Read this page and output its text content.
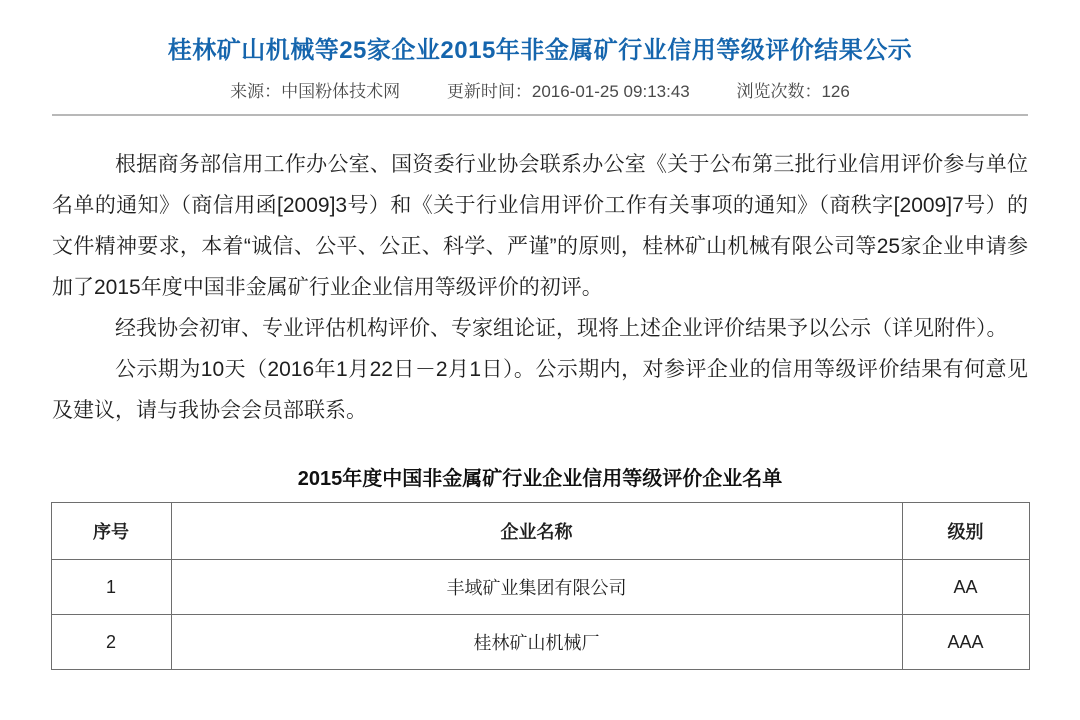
桂林矿山机械等25家企业2015年非金属矿行业信用等级评价结果公示
来源：中国粉体技术网	更新时间：2016-01-25 09:13:43	浏览次数：126

根据商务部信用工作办公室、国资委行业协会联系办公室《关于公布第三批行业信用评价参与单位名单的通知》（商信用函[2009]3号）和《关于行业信用评价工作有关事项的通知》（商秩字[2009]7号）的文件精神要求，本着“诚信、公平、公正、科学、严谨”的原则，桂林矿山机械有限公司等25家企业申请参加了2015年度中国非金属矿行业企业信用等级评价的初评。

经我协会初审、专业评估机构评价、专家组论证，现将上述企业评价结果予以公示（详见附件）。

公示期为10天（2016年1月22日－2月1日）。公示期内，对参评企业的信用等级评价结果有何意见及建议，请与我协会会员部联系。

2015年度中国非金属矿行业企业信用等级评价企业名单
序号	企业名称	级别
1	丰域矿业集团有限公司	AA
2	桂林矿山机械厂	AAA
